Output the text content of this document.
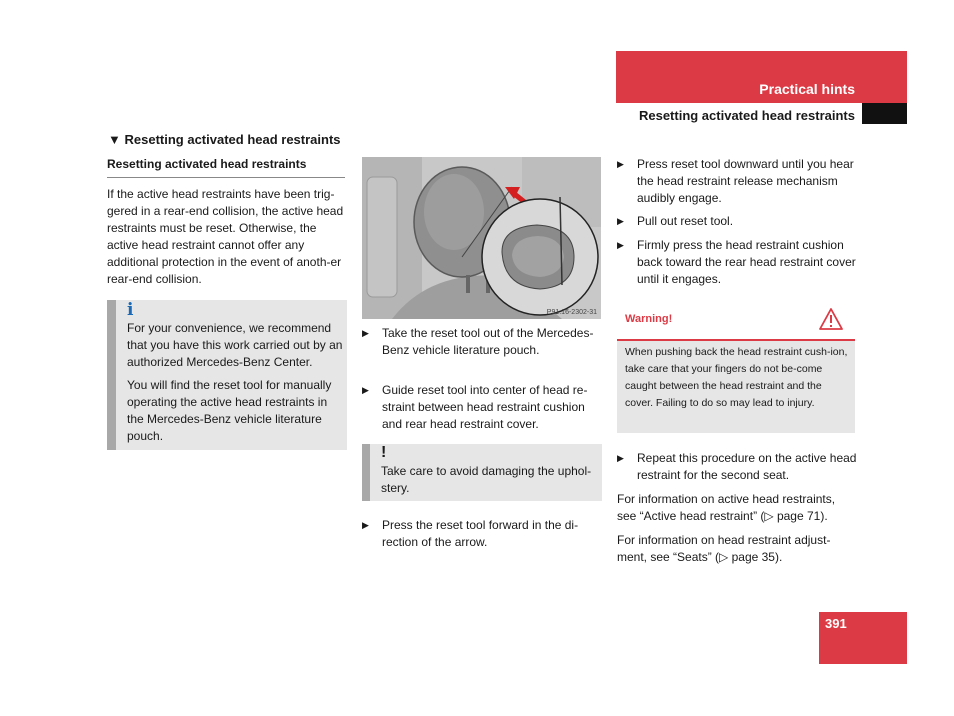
Practical hints
Resetting activated head restraints
▼ Resetting activated head restraints
Resetting activated head restraints
If the active head restraints have been trig-gered in a rear-end collision, the active head restraints must be reset. Otherwise, the active head restraint cannot offer any additional protection in the event of anoth-er rear-end collision.
i

For your convenience, we recommend that you have this work carried out by an authorized Mercedes-Benz Center.

You will find the reset tool for manually operating the active head restraints in the Mercedes-Benz vehicle literature pouch.

P91.16-2302-31
▶ Take the reset tool out of the Mercedes-Benz vehicle literature pouch.
▶ Guide reset tool into center of head re-straint between head restraint cushion and rear head restraint cover.
!
Take care to avoid damaging the uphol-stery.
▶ Press the reset tool forward in the di-rection of the arrow.
▶ Press reset tool downward until you hear the head restraint release mechanism audibly engage.
▶ Pull out reset tool.
▶ Firmly press the head restraint cushion back toward the rear head restraint cover until it engages.
Warning!
When pushing back the head restraint cush-ion, take care that your fingers do not be-come caught between the head restraint and the cover. Failing to do so may lead to injury.
▶ Repeat this procedure on the active head restraint for the second seat.
For information on active head restraints, see “Active head restraint” (▷ page 71).
For information on head restraint adjust-ment, see “Seats” (▷ page 35).
391
